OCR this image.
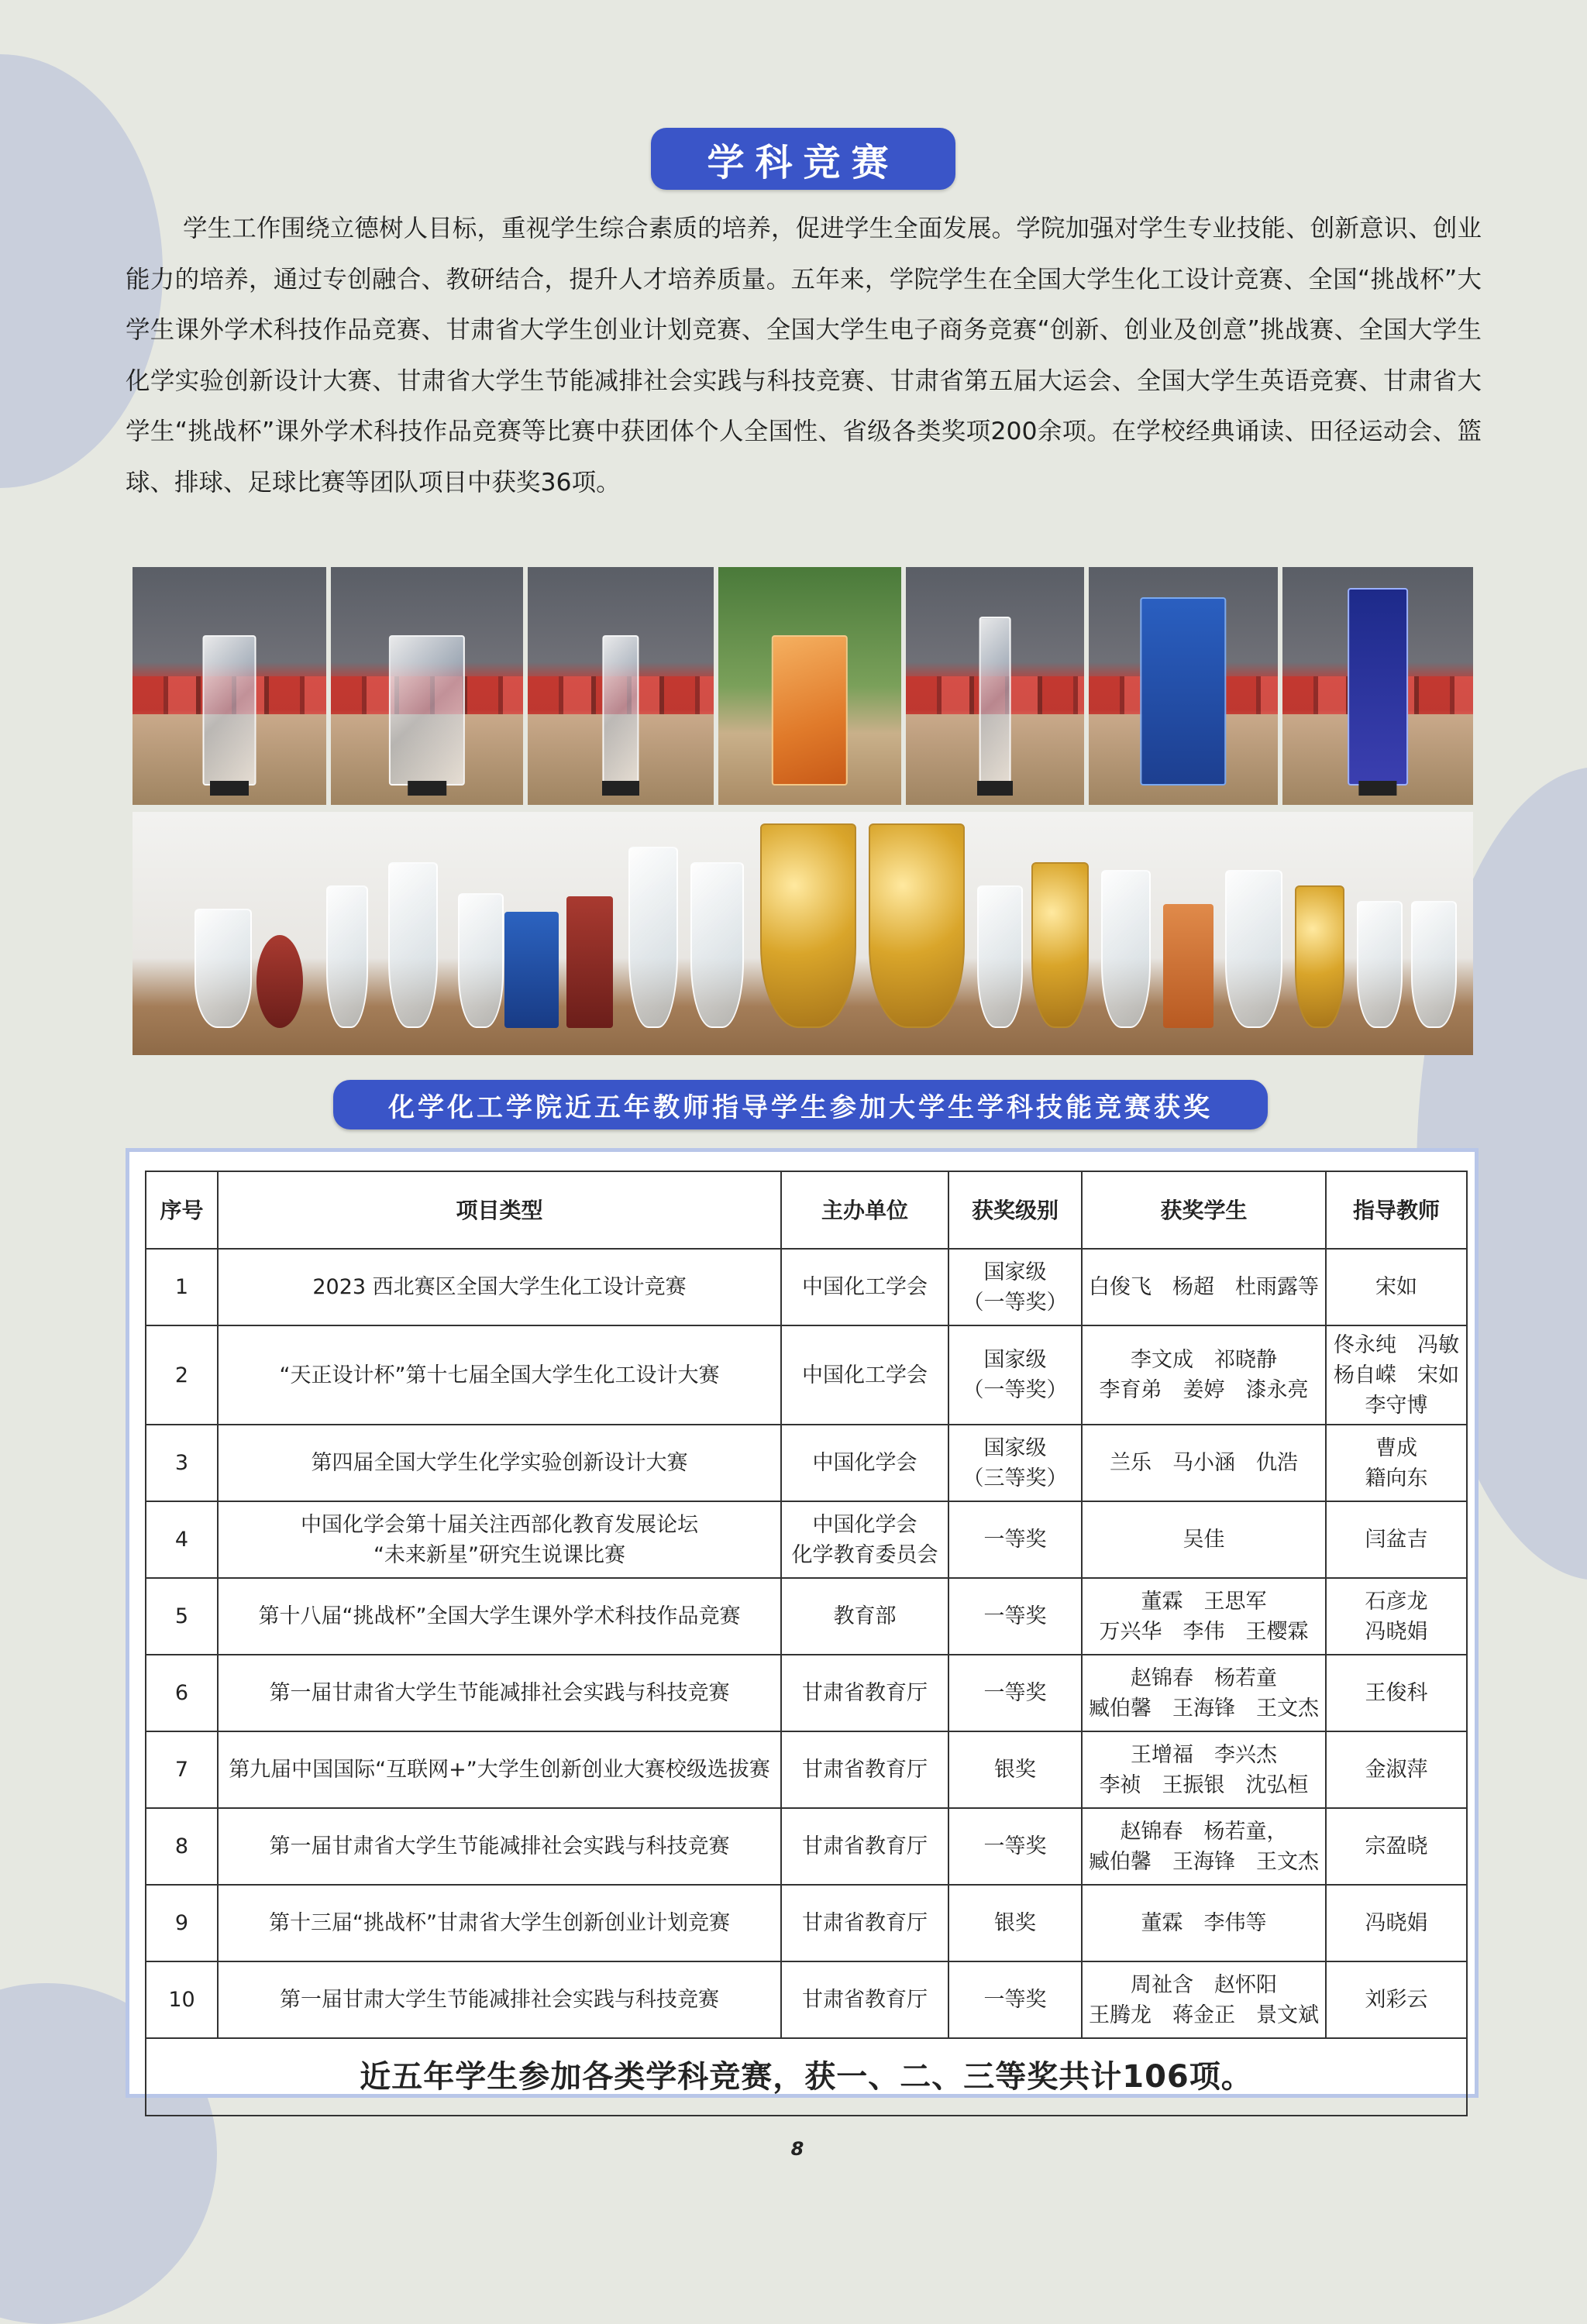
学科竞赛
学生工作围绕立德树人目标，重视学生综合素质的培养，促进学生全面发展。学院加强对学生专业技能、创新意识、创业能力的培养，通过专创融合、教研结合，提升人才培养质量。五年来，学院学生在全国大学生化工设计竞赛、全国“挑战杯”大学生课外学术科技作品竞赛、甘肃省大学生创业计划竞赛、全国大学生电子商务竞赛“创新、创业及创意”挑战赛、全国大学生化学实验创新设计大赛、甘肃省大学生节能减排社会实践与科技竞赛、甘肃省第五届大运会、全国大学生英语竞赛、甘肃省大学生“挑战杯”课外学术科技作品竞赛等比赛中获团体个人全国性、省级各类奖项200余项。在学校经典诵读、田径运动会、篮球、排球、足球比赛等团队项目中获奖36项。
化学化工学院近五年教师指导学生参加大学生学科技能竞赛获奖
序号	项目类型	主办单位	获奖级别	获奖学生	指导教师
1	2023 西北赛区全国大学生化工设计竞赛	中国化工学会	国家级
（一等奖）	白俊飞　杨超　杜雨露等	宋如

2	“天正设计杯”第十七届全国大学生化工设计大赛	中国化工学会	国家级
（一等奖）	李文成　祁晓静
李育弟　姜婷　漆永亮	佟永纯　冯敏
杨自嵘　宋如
李守博

3	第四届全国大学生化学实验创新设计大赛	中国化学会	国家级
（三等奖）	兰乐　马小涵　仇浩	曹成
籍向东

4	中国化学会第十届关注西部化教育发展论坛
“未来新星”研究生说课比赛	中国化学会
化学教育委员会	一等奖	吴佳	闫盆吉

5	第十八届“挑战杯”全国大学生课外学术科技作品竞赛	教育部	一等奖	董霖　王思军
万兴华　李伟　王樱霖	石彦龙
冯晓娟

6	第一届甘肃省大学生节能减排社会实践与科技竞赛	甘肃省教育厅	一等奖	赵锦春　杨若童
臧伯馨　王海锋　王文杰	王俊科

7	第九届中国国际“互联网+”大学生创新创业大赛校级选拔赛	甘肃省教育厅	银奖	王增福　李兴杰
李祯　王振银　沈弘桓	金淑萍

8	第一届甘肃省大学生节能减排社会实践与科技竞赛	甘肃省教育厅	一等奖	赵锦春　杨若童，
臧伯馨　王海锋　王文杰	宗盈晓

9	第十三届“挑战杯”甘肃省大学生创新创业计划竞赛	甘肃省教育厅	银奖	董霖　李伟等	冯晓娟

10	第一届甘肃大学生节能减排社会实践与科技竞赛	甘肃省教育厅	一等奖	周祉含　赵怀阳
王腾龙　蒋金正　景文斌	刘彩云

近五年学生参加各类学科竞赛，获一、二、三等奖共计106项。					
8
